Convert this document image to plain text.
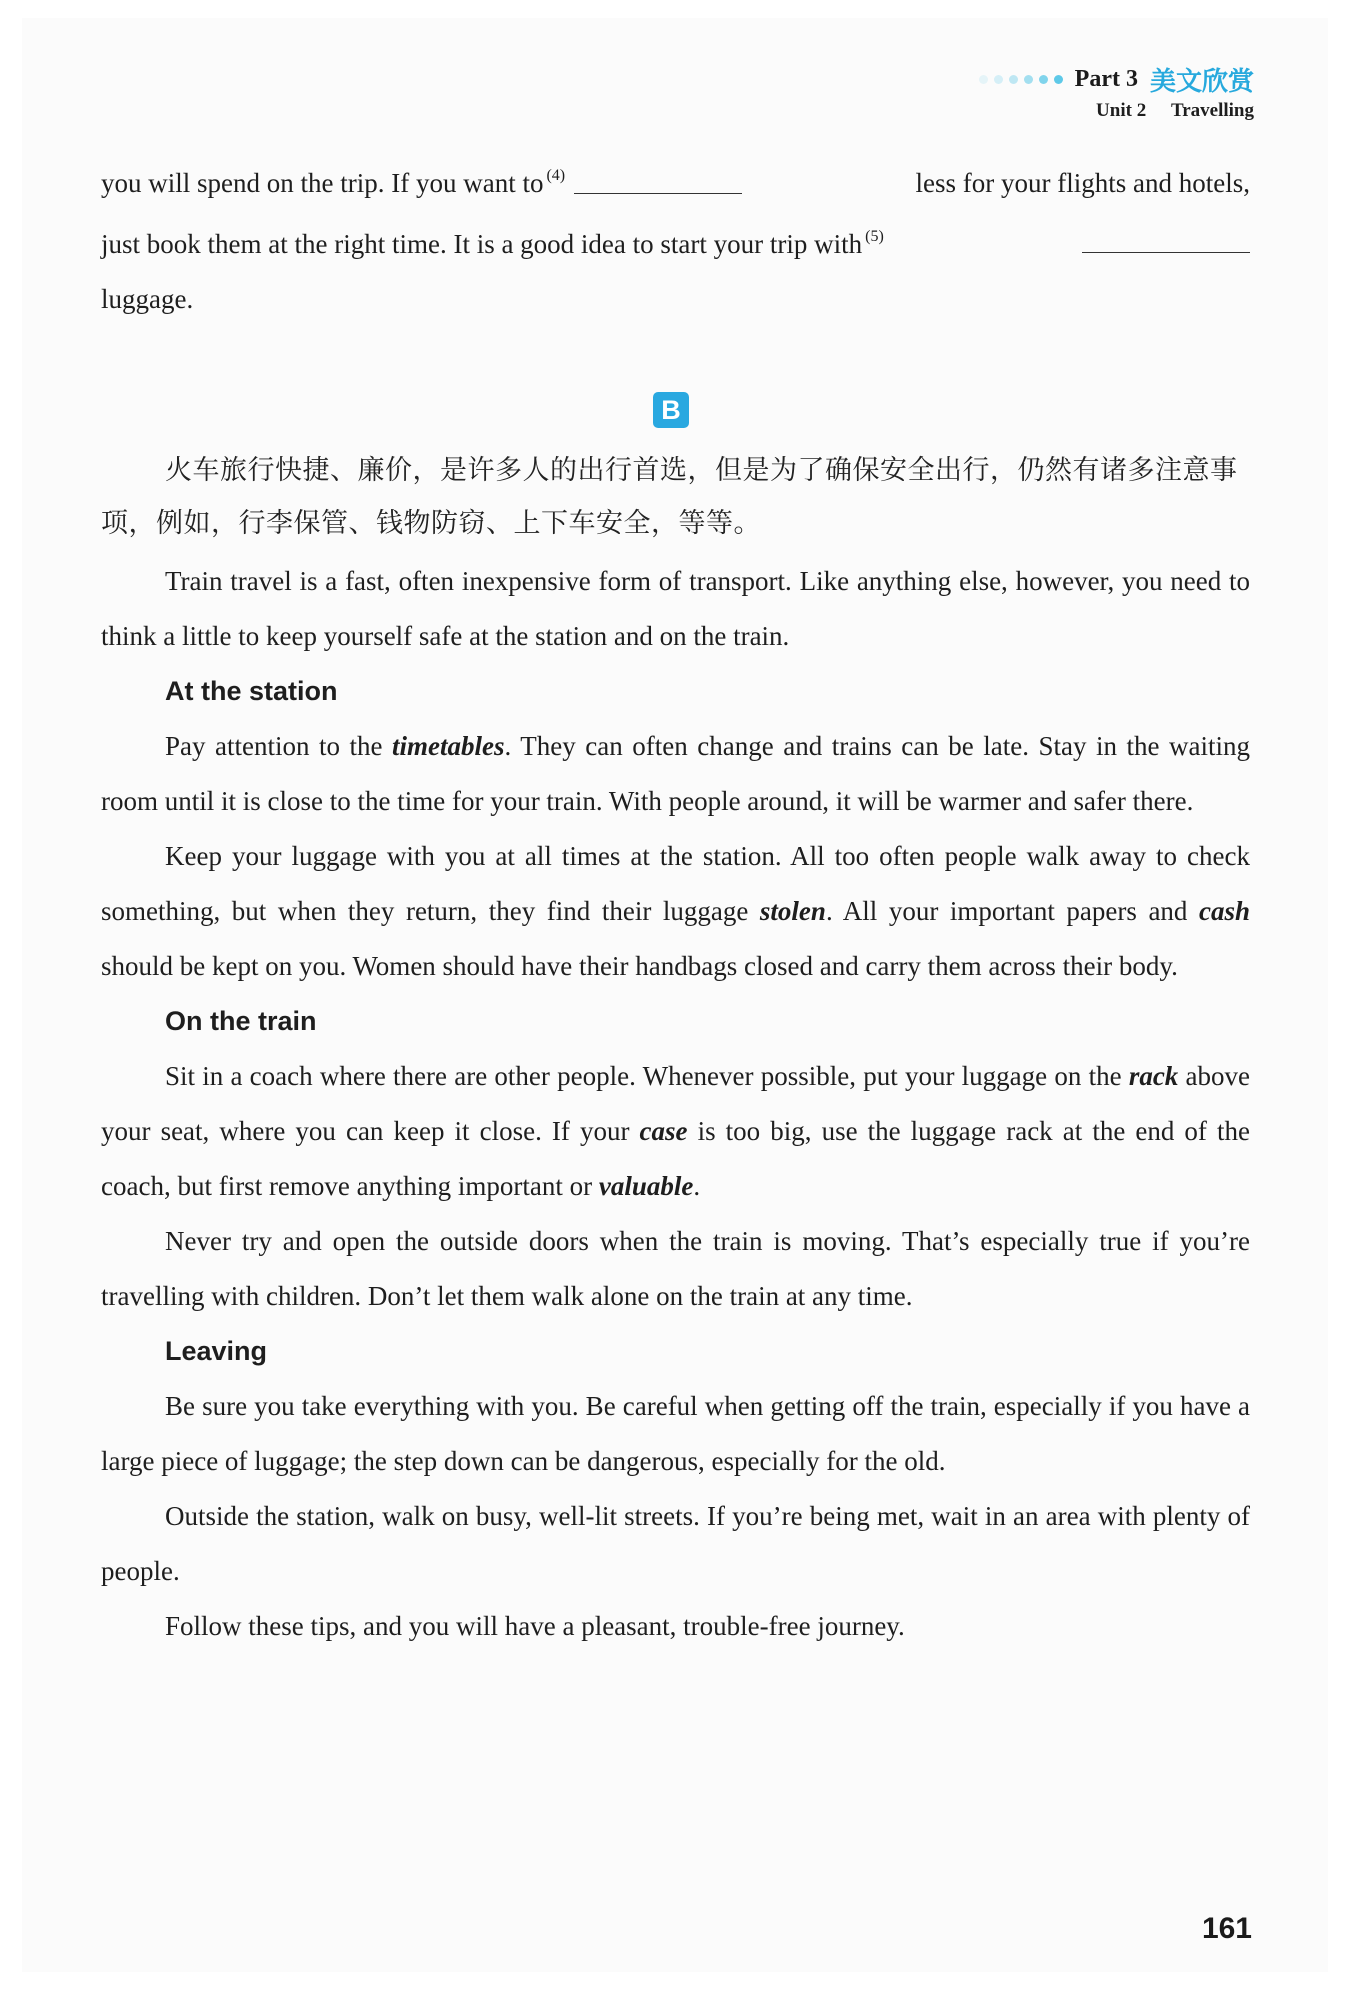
Part 3 美文欣赏
Unit 2 Travelling

you will spend on the trip. If you want to $^{(4)}$	less for your flights and hotels,

just book them at the right time. It is a good idea to start your trip with $^{(5)}$

luggage.

B

火车旅行快捷、廉价，是许多人的出行首选，但是为了确保安全出行，仍然有诸多注意事项，例如，行李保管、钱物防窃、上下车安全，等等。

Train travel is a fast, often inexpensive form of transport. Like anything else, however, you need to think a little to keep yourself safe at the station and on the train.

At the station

Pay attention to the timetables. They can often change and trains can be late. Stay in the waiting room until it is close to the time for your train. With people around, it will be warmer and safer there.

Keep your luggage with you at all times at the station. All too often people walk away to check something, but when they return, they find their luggage stolen. All your important papers and cash should be kept on you. Women should have their handbags closed and carry them across their body.

On the train

Sit in a coach where there are other people. Whenever possible, put your luggage on the rack above your seat, where you can keep it close. If your case is too big, use the luggage rack at the end of the coach, but first remove anything important or valuable.

Never try and open the outside doors when the train is moving. That’s especially true if you’re travelling with children. Don’t let them walk alone on the train at any time.

Leaving

Be sure you take everything with you. Be careful when getting off the train, especially if you have a large piece of luggage; the step down can be dangerous, especially for the old.

Outside the station, walk on busy, well-lit streets. If you’re being met, wait in an area with plenty of people.

Follow these tips, and you will have a pleasant, trouble-free journey.

161
